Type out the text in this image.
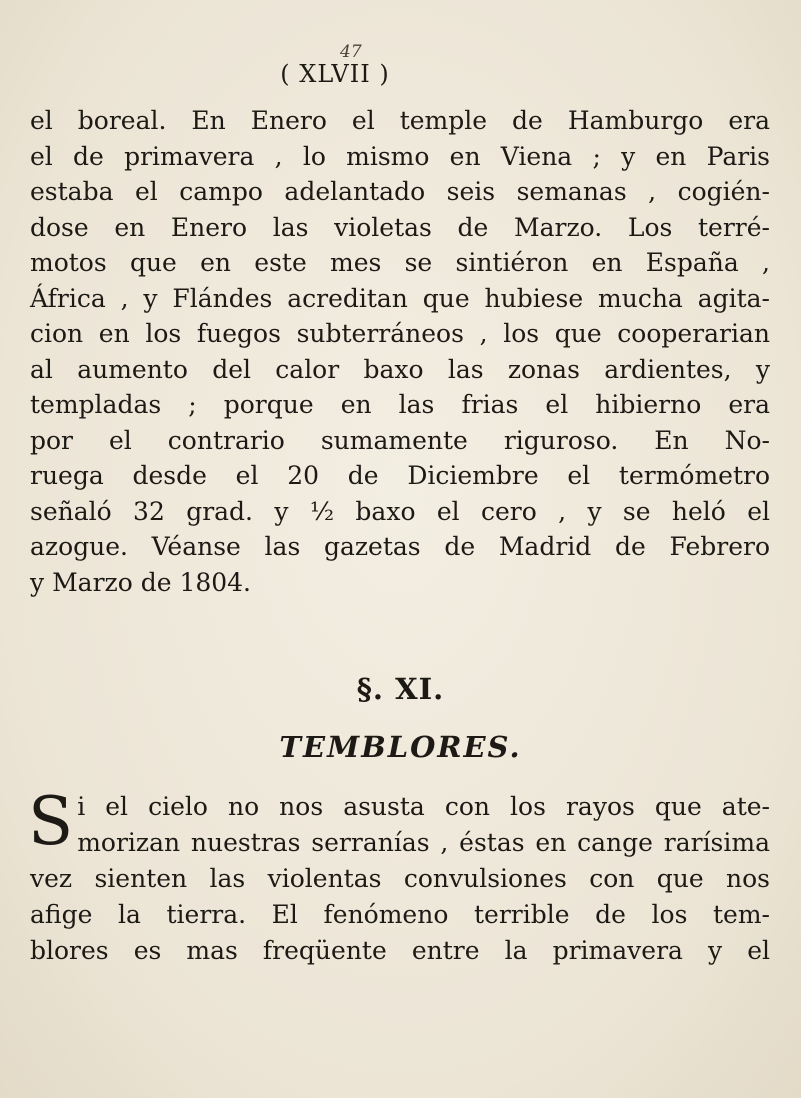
47
( XLVII )
el boreal. En Enero el temple de Hamburgo era
el de primavera , lo mismo en Viena ; y en Paris
estaba el campo adelantado seis semanas , cogién-
dose en Enero las violetas de Marzo. Los terré-
motos que en este mes se sintiéron en España ,
África , y Flándes acreditan que hubiese mucha agita-
cion en los fuegos subterráneos , los que cooperarian
al aumento del calor baxo las zonas ardientes, y
templadas ; porque en las frias el hibierno era
por el contrario sumamente riguroso. En No-
ruega desde el 20 de Diciembre el termómetro
señaló 32 grad. y ½ baxo el cero , y se heló el
azogue. Véanse las gazetas de Madrid de Febrero
y Marzo de 1804.
§. XI.
TEMBLORES.
S i el cielo no nos asusta con los rayos que ate-
morizan nuestras serranías , éstas en cange rarísima
vez sienten las violentas convulsiones con que nos
afige la tierra. El fenómeno terrible de los tem-
blores es mas freqüente entre la primavera y el
